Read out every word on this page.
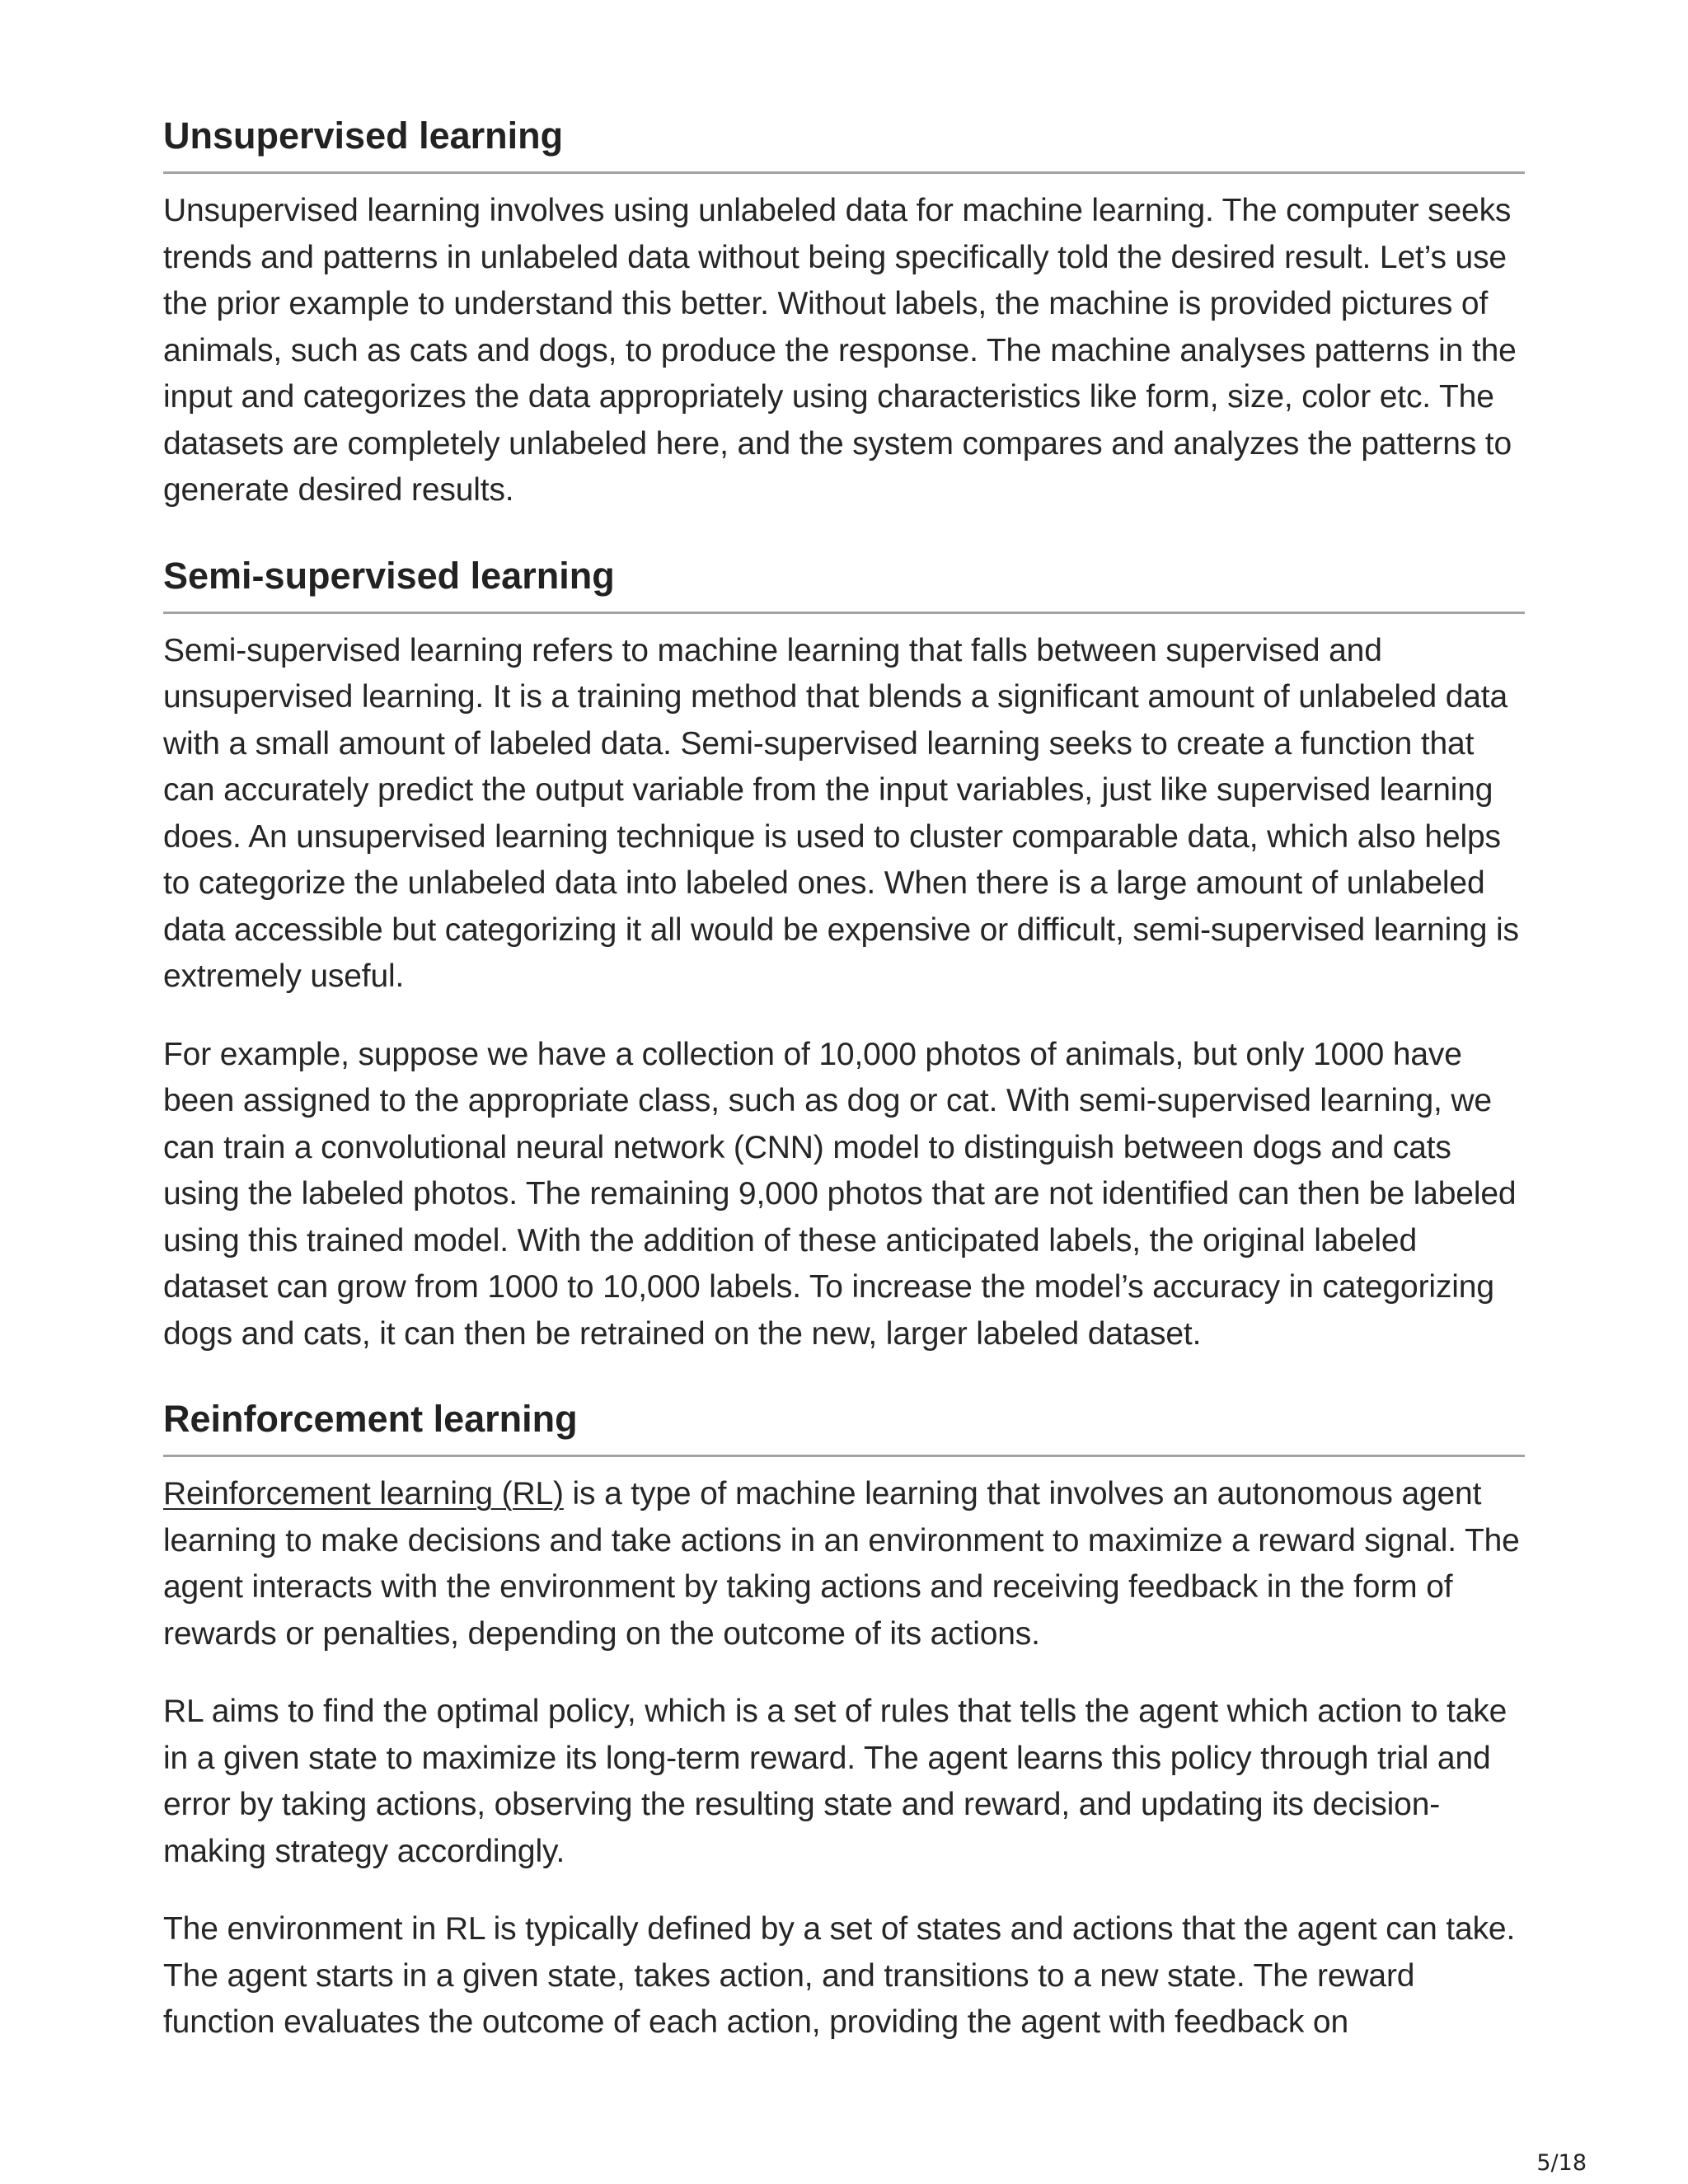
Unsupervised learning

Unsupervised learning involves using unlabeled data for machine learning. The computer seeks trends and patterns in unlabeled data without being specifically told the desired result. Let’s use the prior example to understand this better. Without labels, the machine is provided pictures of animals, such as cats and dogs, to produce the response. The machine analyses patterns in the input and categorizes the data appropriately using characteristics like form, size, color etc. The datasets are completely unlabeled here, and the system compares and analyzes the patterns to generate desired results.

Semi-supervised learning

Semi-supervised learning refers to machine learning that falls between supervised and unsupervised learning. It is a training method that blends a significant amount of unlabeled data with a small amount of labeled data. Semi-supervised learning seeks to create a function that can accurately predict the output variable from the input variables, just like supervised learning does. An unsupervised learning technique is used to cluster comparable data, which also helps to categorize the unlabeled data into labeled ones. When there is a large amount of unlabeled data accessible but categorizing it all would be expensive or difficult, semi-supervised learning is extremely useful.

For example, suppose we have a collection of 10,000 photos of animals, but only 1000 have been assigned to the appropriate class, such as dog or cat. With semi-supervised learning, we can train a convolutional neural network (CNN) model to distinguish between dogs and cats using the labeled photos. The remaining 9,000 photos that are not identified can then be labeled using this trained model. With the addition of these anticipated labels, the original labeled dataset can grow from 1000 to 10,000 labels. To increase the model’s accuracy in categorizing dogs and cats, it can then be retrained on the new, larger labeled dataset.

Reinforcement learning

Reinforcement learning (RL) is a type of machine learning that involves an autonomous agent learning to make decisions and take actions in an environment to maximize a reward signal. The agent interacts with the environment by taking actions and receiving feedback in the form of rewards or penalties, depending on the outcome of its actions.

RL aims to find the optimal policy, which is a set of rules that tells the agent which action to take in a given state to maximize its long-term reward. The agent learns this policy through trial and error by taking actions, observing the resulting state and reward, and updating its decision-making strategy accordingly.

The environment in RL is typically defined by a set of states and actions that the agent can take. The agent starts in a given state, takes action, and transitions to a new state. The reward function evaluates the outcome of each action, providing the agent with feedback on

5/18
